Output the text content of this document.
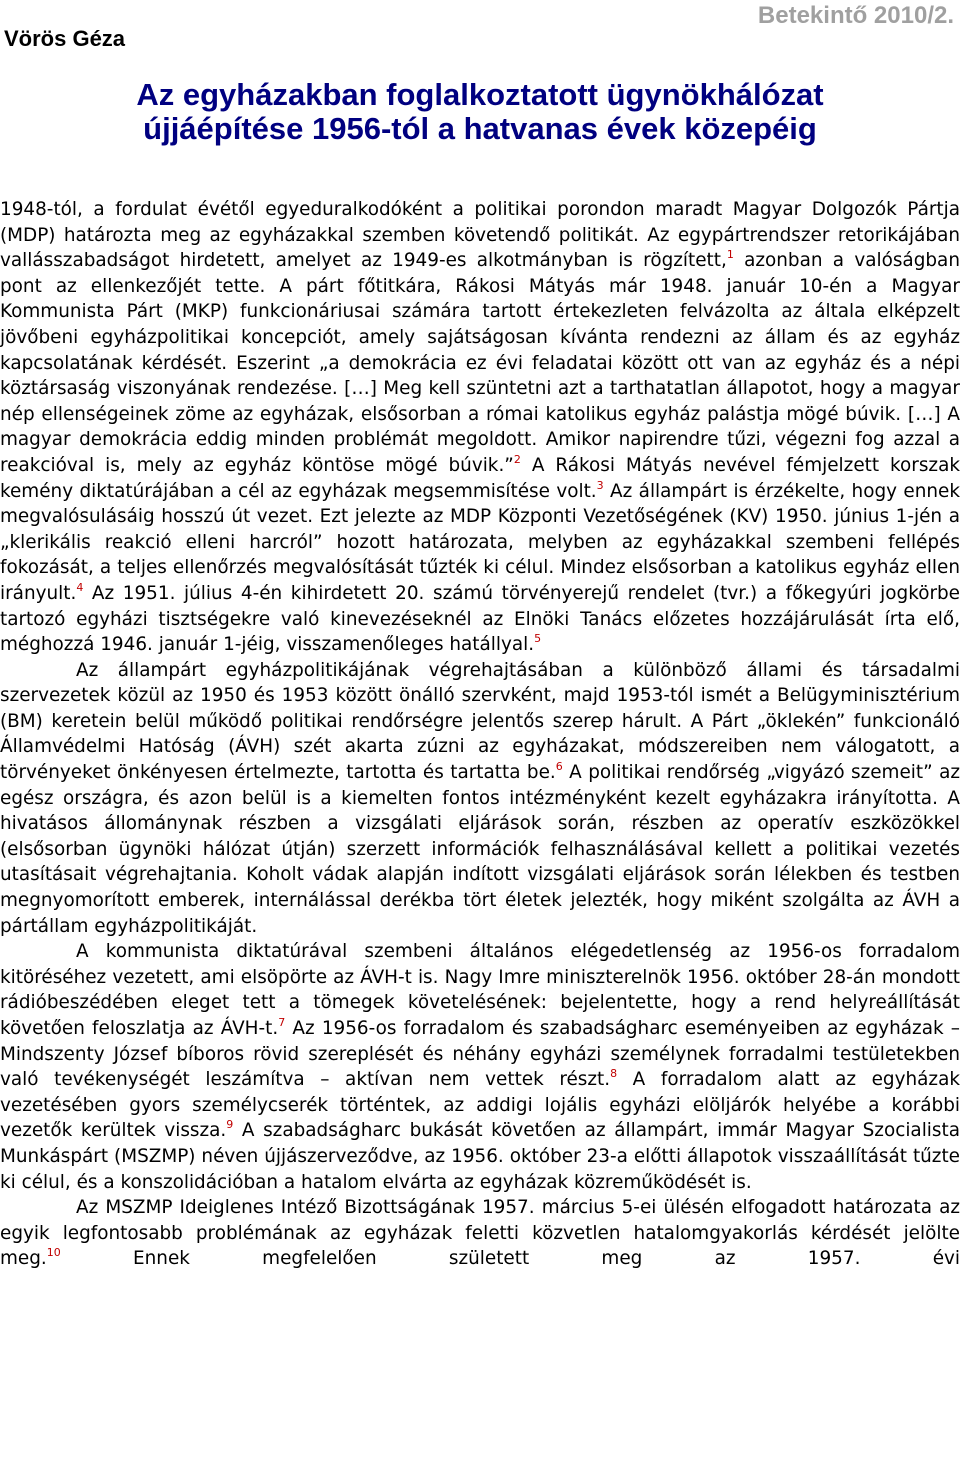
Vörös Géza
Betekintő 2010/2.
Az egyházakban foglalkoztatott ügynökhálózat
újjáépítése 1956-tól a hatvanas évek közepéig

1948-tól, a fordulat évétől egyeduralkodóként a politikai porondon maradt Magyar Dolgozók Pártja (MDP) határozta meg az egyházakkal szemben követendő politikát. Az egypártrendszer retorikájában vallásszabadságot hirdetett, amelyet az 1949-es alkotmányban is rögzített,$^1$ azonban a valóságban pont az ellenkezőjét tette. A párt főtitkára, Rákosi Mátyás már 1948. január 10-én a Magyar Kommunista Párt (MKP) funkcionáriusai számára tartott értekezleten felvázolta az általa elképzelt jövőbeni egyházpolitikai koncepciót, amely sajátságosan kívánta rendezni az állam és az egyház kapcsolatának kérdését. Eszerint „a demokrácia ez évi feladatai között ott van az egyház és a népi köztársaság viszonyának rendezése. […] Meg kell szüntetni azt a tarthatatlan állapotot, hogy a magyar nép ellenségeinek zöme az egyházak, elsősorban a római katolikus egyház palástja mögé búvik. […] A magyar demokrácia eddig minden problémát megoldott. Amikor napirendre tűzi, végezni fog azzal a reakcióval is, mely az egyház köntöse mögé búvik.”$^2$ A Rákosi Mátyás nevével fémjelzett korszak kemény diktatúrájában a cél az egyházak megsemmisítése volt.$^3$ Az állampárt is érzékelte, hogy ennek megvalósulásáig hosszú út vezet. Ezt jelezte az MDP Központi Vezetőségének (KV) 1950. június 1-jén a „klerikális reakció elleni harcról” hozott határozata, melyben az egyházakkal szembeni fellépés fokozását, a teljes ellenőrzés megvalósítását tűzték ki célul. Mindez elsősorban a katolikus egyház ellen irányult.$^4$ Az 1951. július 4-én kihirdetett 20. számú törvényerejű rendelet (tvr.) a főkegyúri jogkörbe tartozó egyházi tisztségekre való kinevezéseknél az Elnöki Tanács előzetes hozzájárulását írta elő, méghozzá 1946. január 1-jéig, visszamenőleges hatállyal.$^5$

Az állampárt egyházpolitikájának végrehajtásában a különböző állami és társadalmi szervezetek közül az 1950 és 1953 között önálló szervként, majd 1953-tól ismét a Belügyminisztérium (BM) keretein belül működő politikai rendőrségre jelentős szerep hárult. A Párt „öklekén” funkcionáló Államvédelmi Hatóság (ÁVH) szét akarta zúzni az egyházakat, módszereiben nem válogatott, a törvényeket önkényesen értelmezte, tartotta és tartatta be.$^6$ A politikai rendőrség „vigyázó szemeit” az egész országra, és azon belül is a kiemelten fontos intézményként kezelt egyházakra irányította. A hivatásos állománynak részben a vizsgálati eljárások során, részben az operatív eszközökkel (elsősorban ügynöki hálózat útján) szerzett információk felhasználásával kellett a politikai vezetés utasításait végrehajtania. Koholt vádak alapján indított vizsgálati eljárások során lélekben és testben megnyomorított emberek, internálással derékba tört életek jelezték, hogy miként szolgálta az ÁVH a pártállam egyházpolitikáját.

A kommunista diktatúrával szembeni általános elégedetlenség az 1956-os forradalom kitöréséhez vezetett, ami elsöpörte az ÁVH-t is. Nagy Imre miniszterelnök 1956. október 28-án mondott rádióbeszédében eleget tett a tömegek követelésének: bejelentette, hogy a rend helyreállítását követően feloszlatja az ÁVH-t.$^7$ Az 1956-os forradalom és szabadságharc eseményeiben az egyházak – Mindszenty József bíboros rövid szereplését és néhány egyházi személynek forradalmi testületekben való tevékenységét leszámítva – aktívan nem vettek részt.$^8$ A forradalom alatt az egyházak vezetésében gyors személycserék történtek, az addigi lojális egyházi elöljárók helyébe a korábbi vezetők kerültek vissza.$^9$ A szabadságharc bukását követően az állampárt, immár Magyar Szocialista Munkáspárt (MSZMP) néven újjászerveződve, az 1956. október 23-a előtti állapotok visszaállítását tűzte ki célul, és a konszolidációban a hatalom elvárta az egyházak közreműködését is.

Az MSZMP Ideiglenes Intéző Bizottságának 1957. március 5-ei ülésén elfogadott határozata az egyik legfontosabb problémának az egyházak feletti közvetlen hatalomgyakorlás kérdését jelölte meg.$^{10}$ Ennek megfelelően született meg az 1957. évi
